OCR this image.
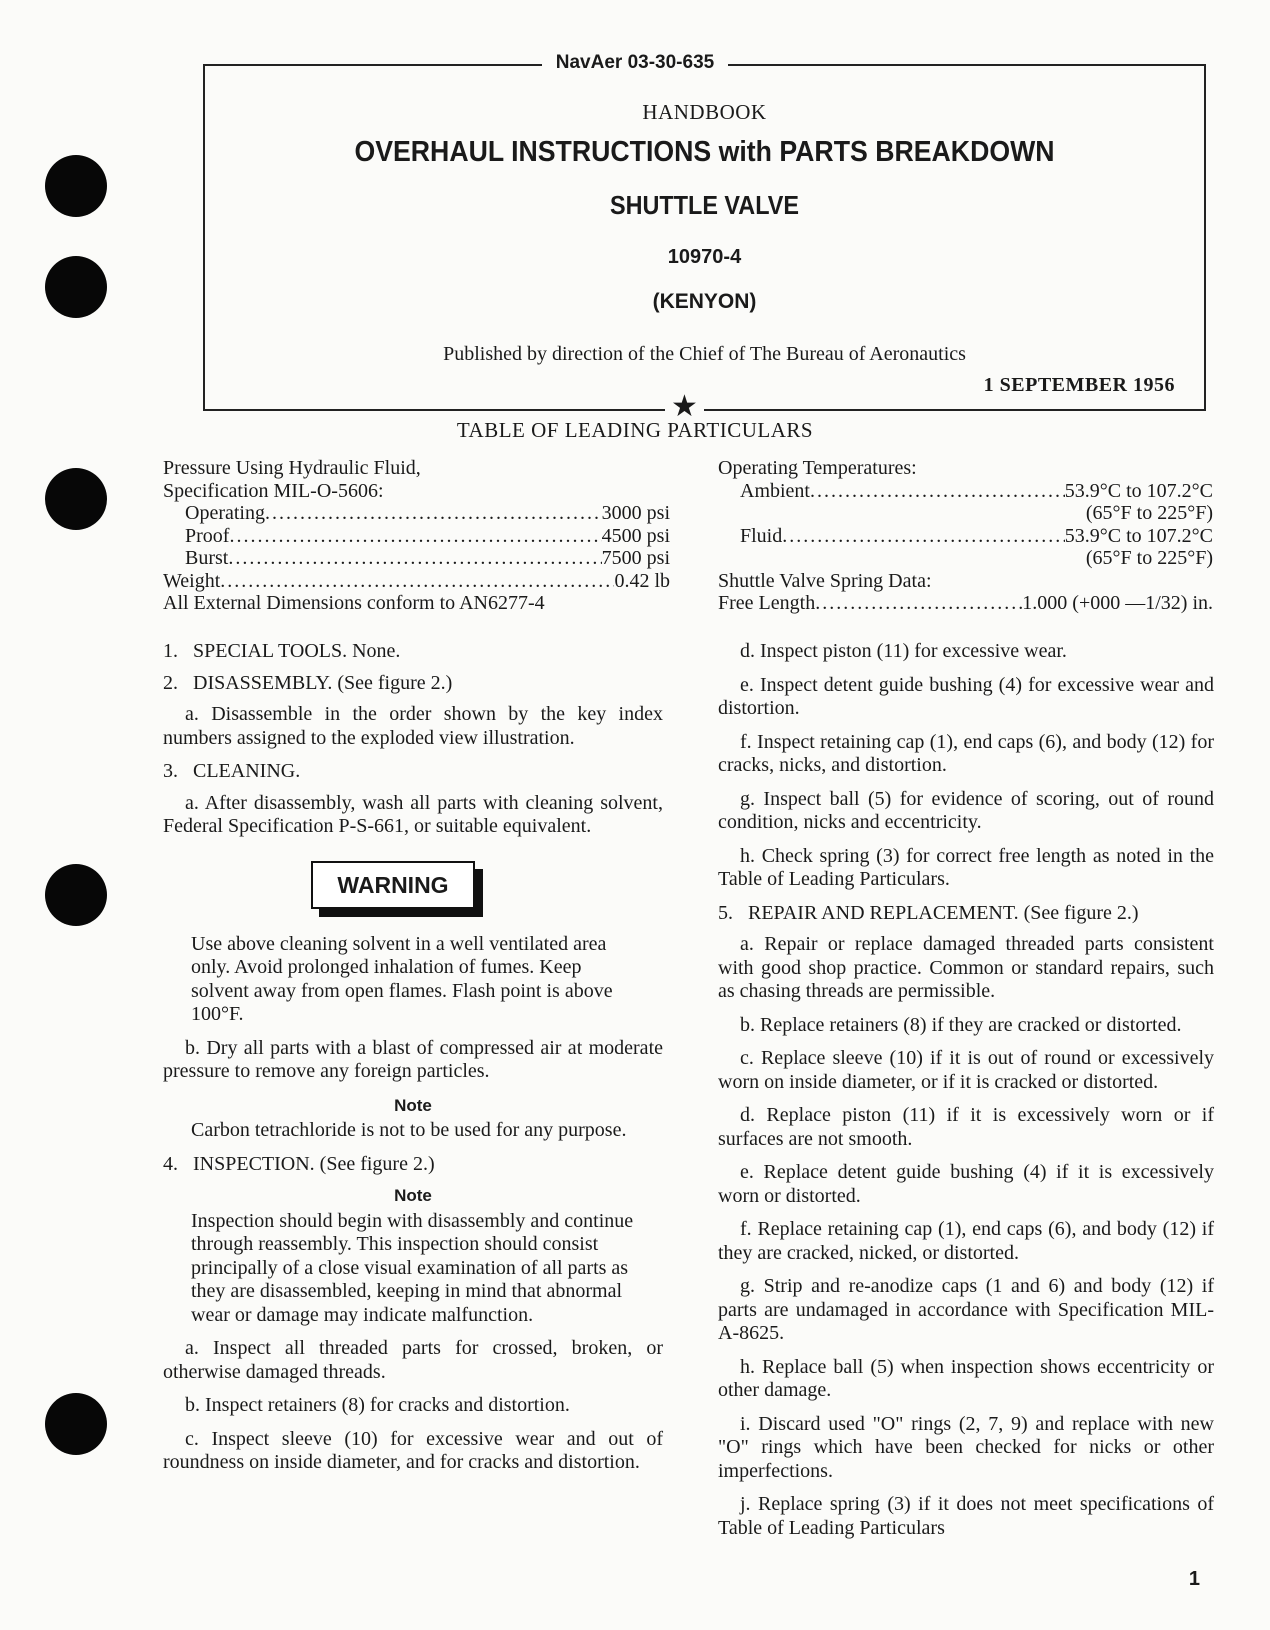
NavAer 03-30-635
HANDBOOK
OVERHAUL INSTRUCTIONS with PARTS BREAKDOWN
SHUTTLE VALVE
10970-4
(KENYON)
Published by direction of the Chief of The Bureau of Aeronautics
1 SEPTEMBER 1956
★
TABLE OF LEADING PARTICULARS
Pressure Using Hydraulic Fluid,
Specification MIL-O-5606:
Operating .....	3000 psi
Proof .....	4500 psi
Burst .....	7500 psi
Weight .....	0.42 lb
All External Dimensions conform to AN6277-4
Operating Temperatures:
Ambient .....	53.9°C to 107.2°C
(65°F to 225°F)
Fluid .....	53.9°C to 107.2°C
(65°F to 225°F)
Shuttle Valve Spring Data:
Free Length .....	1.000 (+000 —1/32) in.

1. SPECIAL TOOLS. None.

2. DISASSEMBLY. (See figure 2.)

a. Disassemble in the order shown by the key index numbers assigned to the exploded view illustration.

3. CLEANING.

a. After disassembly, wash all parts with cleaning solvent, Federal Specification P-S-661, or suitable equivalent.

WARNING

Use above cleaning solvent in a well ventilated area only. Avoid prolonged inhalation of fumes. Keep solvent away from open flames. Flash point is above 100°F.

b. Dry all parts with a blast of compressed air at moderate pressure to remove any foreign particles.

Note

Carbon tetrachloride is not to be used for any purpose.

4. INSPECTION. (See figure 2.)

Note

Inspection should begin with disassembly and continue through reassembly. This inspection should consist principally of a close visual examination of all parts as they are disassembled, keeping in mind that abnormal wear or damage may indicate malfunction.

a. Inspect all threaded parts for crossed, broken, or otherwise damaged threads.

b. Inspect retainers (8) for cracks and distortion.

c. Inspect sleeve (10) for excessive wear and out of roundness on inside diameter, and for cracks and distortion.

d. Inspect piston (11) for excessive wear.

e. Inspect detent guide bushing (4) for excessive wear and distortion.

f. Inspect retaining cap (1), end caps (6), and body (12) for cracks, nicks, and distortion.

g. Inspect ball (5) for evidence of scoring, out of round condition, nicks and eccentricity.

h. Check spring (3) for correct free length as noted in the Table of Leading Particulars.

5. REPAIR AND REPLACEMENT. (See figure 2.)

a. Repair or replace damaged threaded parts consistent with good shop practice. Common or standard repairs, such as chasing threads are permissible.

b. Replace retainers (8) if they are cracked or distorted.

c. Replace sleeve (10) if it is out of round or excessively worn on inside diameter, or if it is cracked or distorted.

d. Replace piston (11) if it is excessively worn or if surfaces are not smooth.

e. Replace detent guide bushing (4) if it is excessively worn or distorted.

f. Replace retaining cap (1), end caps (6), and body (12) if they are cracked, nicked, or distorted.

g. Strip and re-anodize caps (1 and 6) and body (12) if parts are undamaged in accordance with Specification MIL-A-8625.

h. Replace ball (5) when inspection shows eccentricity or other damage.

i. Discard used "O" rings (2, 7, 9) and replace with new "O" rings which have been checked for nicks or other imperfections.

j. Replace spring (3) if it does not meet specifications of Table of Leading Particulars

1
